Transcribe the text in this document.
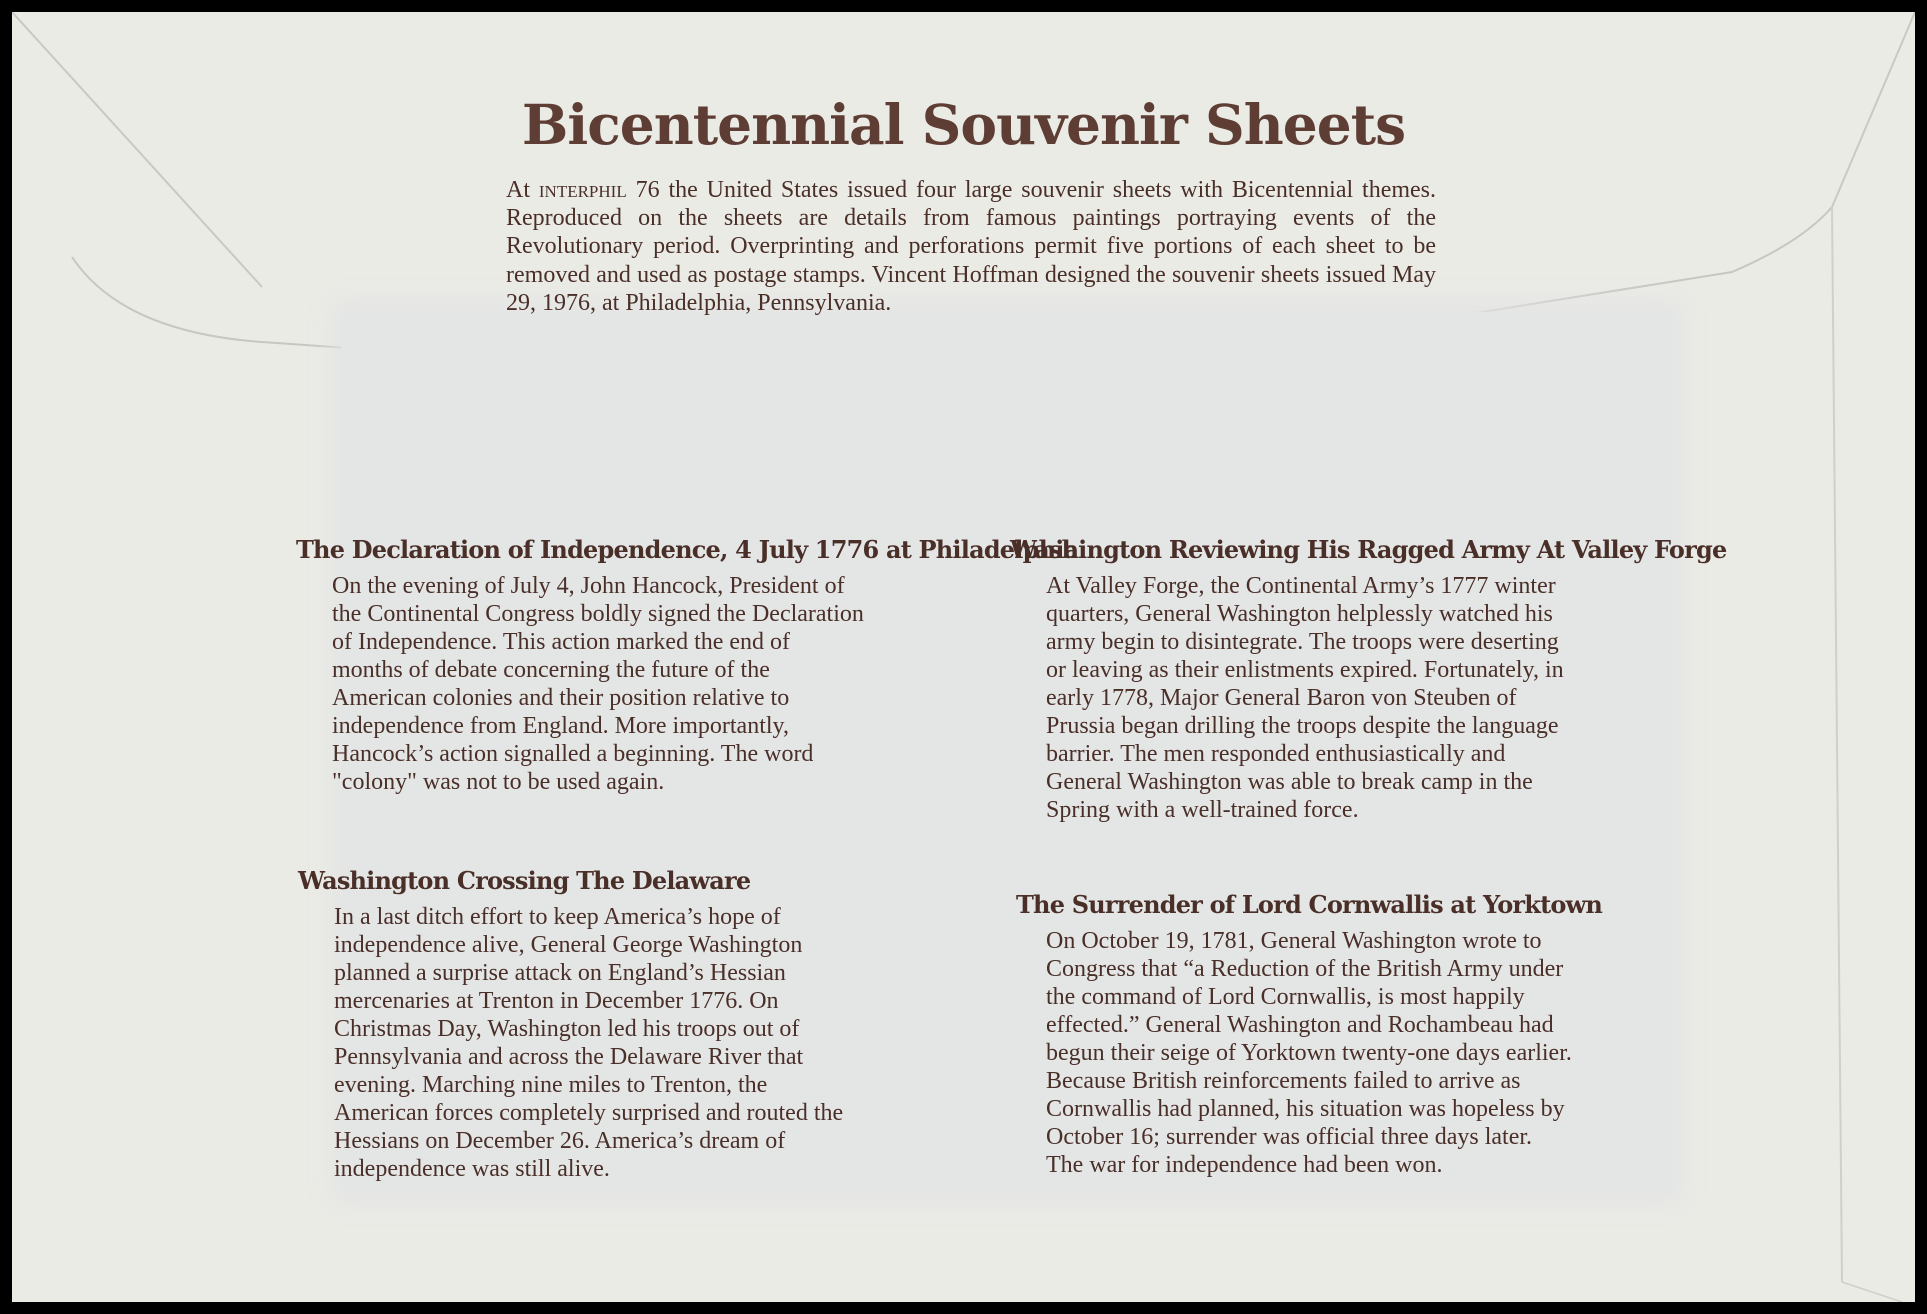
Bicentennial Souvenir Sheets

At interphil 76 the United States issued four large souvenir sheets with Bicentennial themes. Reproduced on the sheets are details from famous paintings portraying events of the Revolutionary period. Overprinting and perforations permit five portions of each sheet to be removed and used as postage stamps. Vincent Hoffman designed the souvenir sheets issued May 29, 1976, at Philadelphia, Pennsylvania.

The Declaration of Independence, 4 July 1776 at Philadelphia

On the evening of July 4, John Hancock, President of
the Continental Congress boldly signed the Declaration
of Independence. This action marked the end of
months of debate concerning the future of the
American colonies and their position relative to
independence from England. More importantly,
Hancock’s action signalled a beginning. The word
"colony" was not to be used again.

Washington Reviewing His Ragged Army At Valley Forge

At Valley Forge, the Continental Army’s 1777 winter
quarters, General Washington helplessly watched his
army begin to disintegrate. The troops were deserting
or leaving as their enlistments expired. Fortunately, in
early 1778, Major General Baron von Steuben of
Prussia began drilling the troops despite the language
barrier. The men responded enthusiastically and
General Washington was able to break camp in the
Spring with a well-trained force.

Washington Crossing The Delaware

In a last ditch effort to keep America’s hope of
independence alive, General George Washington
planned a surprise attack on England’s Hessian
mercenaries at Trenton in December 1776. On
Christmas Day, Washington led his troops out of
Pennsylvania and across the Delaware River that
evening. Marching nine miles to Trenton, the
American forces completely surprised and routed the
Hessians on December 26. America’s dream of
independence was still alive.

The Surrender of Lord Cornwallis at Yorktown

On October 19, 1781, General Washington wrote to
Congress that “a Reduction of the British Army under
the command of Lord Cornwallis, is most happily
effected.” General Washington and Rochambeau had
begun their seige of Yorktown twenty-one days earlier.
Because British reinforcements failed to arrive as
Cornwallis had planned, his situation was hopeless by
October 16; surrender was official three days later.
The war for independence had been won.
